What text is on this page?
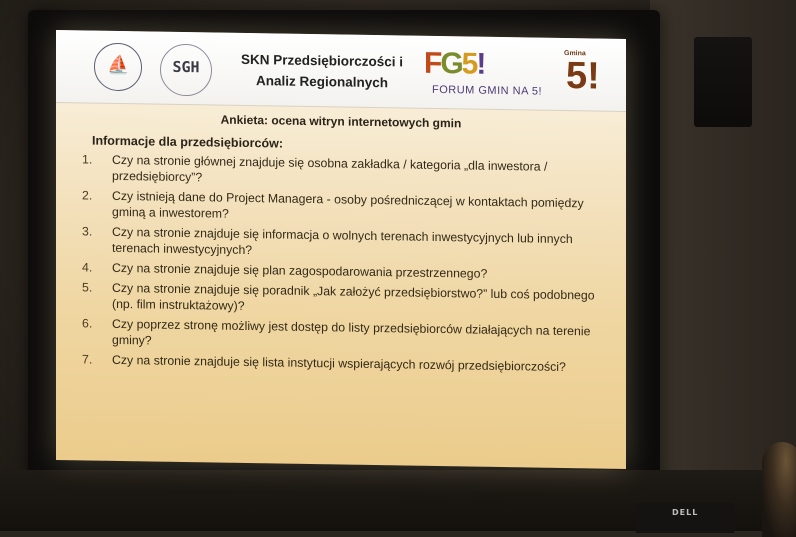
⛵	SGH	SKN Przedsiębiorczości i
Analiz Regionalnych
FG5!
FORUM GMIN NA 5!
Gmina
5!
Ankieta: ocena witryn internetowych gmin
Informacje dla przedsiębiorców:
1.	Czy na stronie głównej znajduje się osobna zakładka / kategoria „dla inwestora / przedsiębiorcy”?
2.	Czy istnieją dane do Project Managera - osoby pośredniczącej w kontaktach pomiędzy gminą a inwestorem?
3.	Czy na stronie znajduje się informacja o wolnych terenach inwestycyjnych lub innych terenach inwestycyjnych?
4.	Czy na stronie znajduje się plan zagospodarowania przestrzennego?
5.	Czy na stronie znajduje się poradnik „Jak założyć przedsiębiorstwo?” lub coś podobnego (np. film instruktażowy)?
6.	Czy poprzez stronę możliwy jest dostęp do listy przedsiębiorców działających na terenie gminy?
7.	Czy na stronie znajduje się lista instytucji wspierających rozwój przedsiębiorczości?
DELL
